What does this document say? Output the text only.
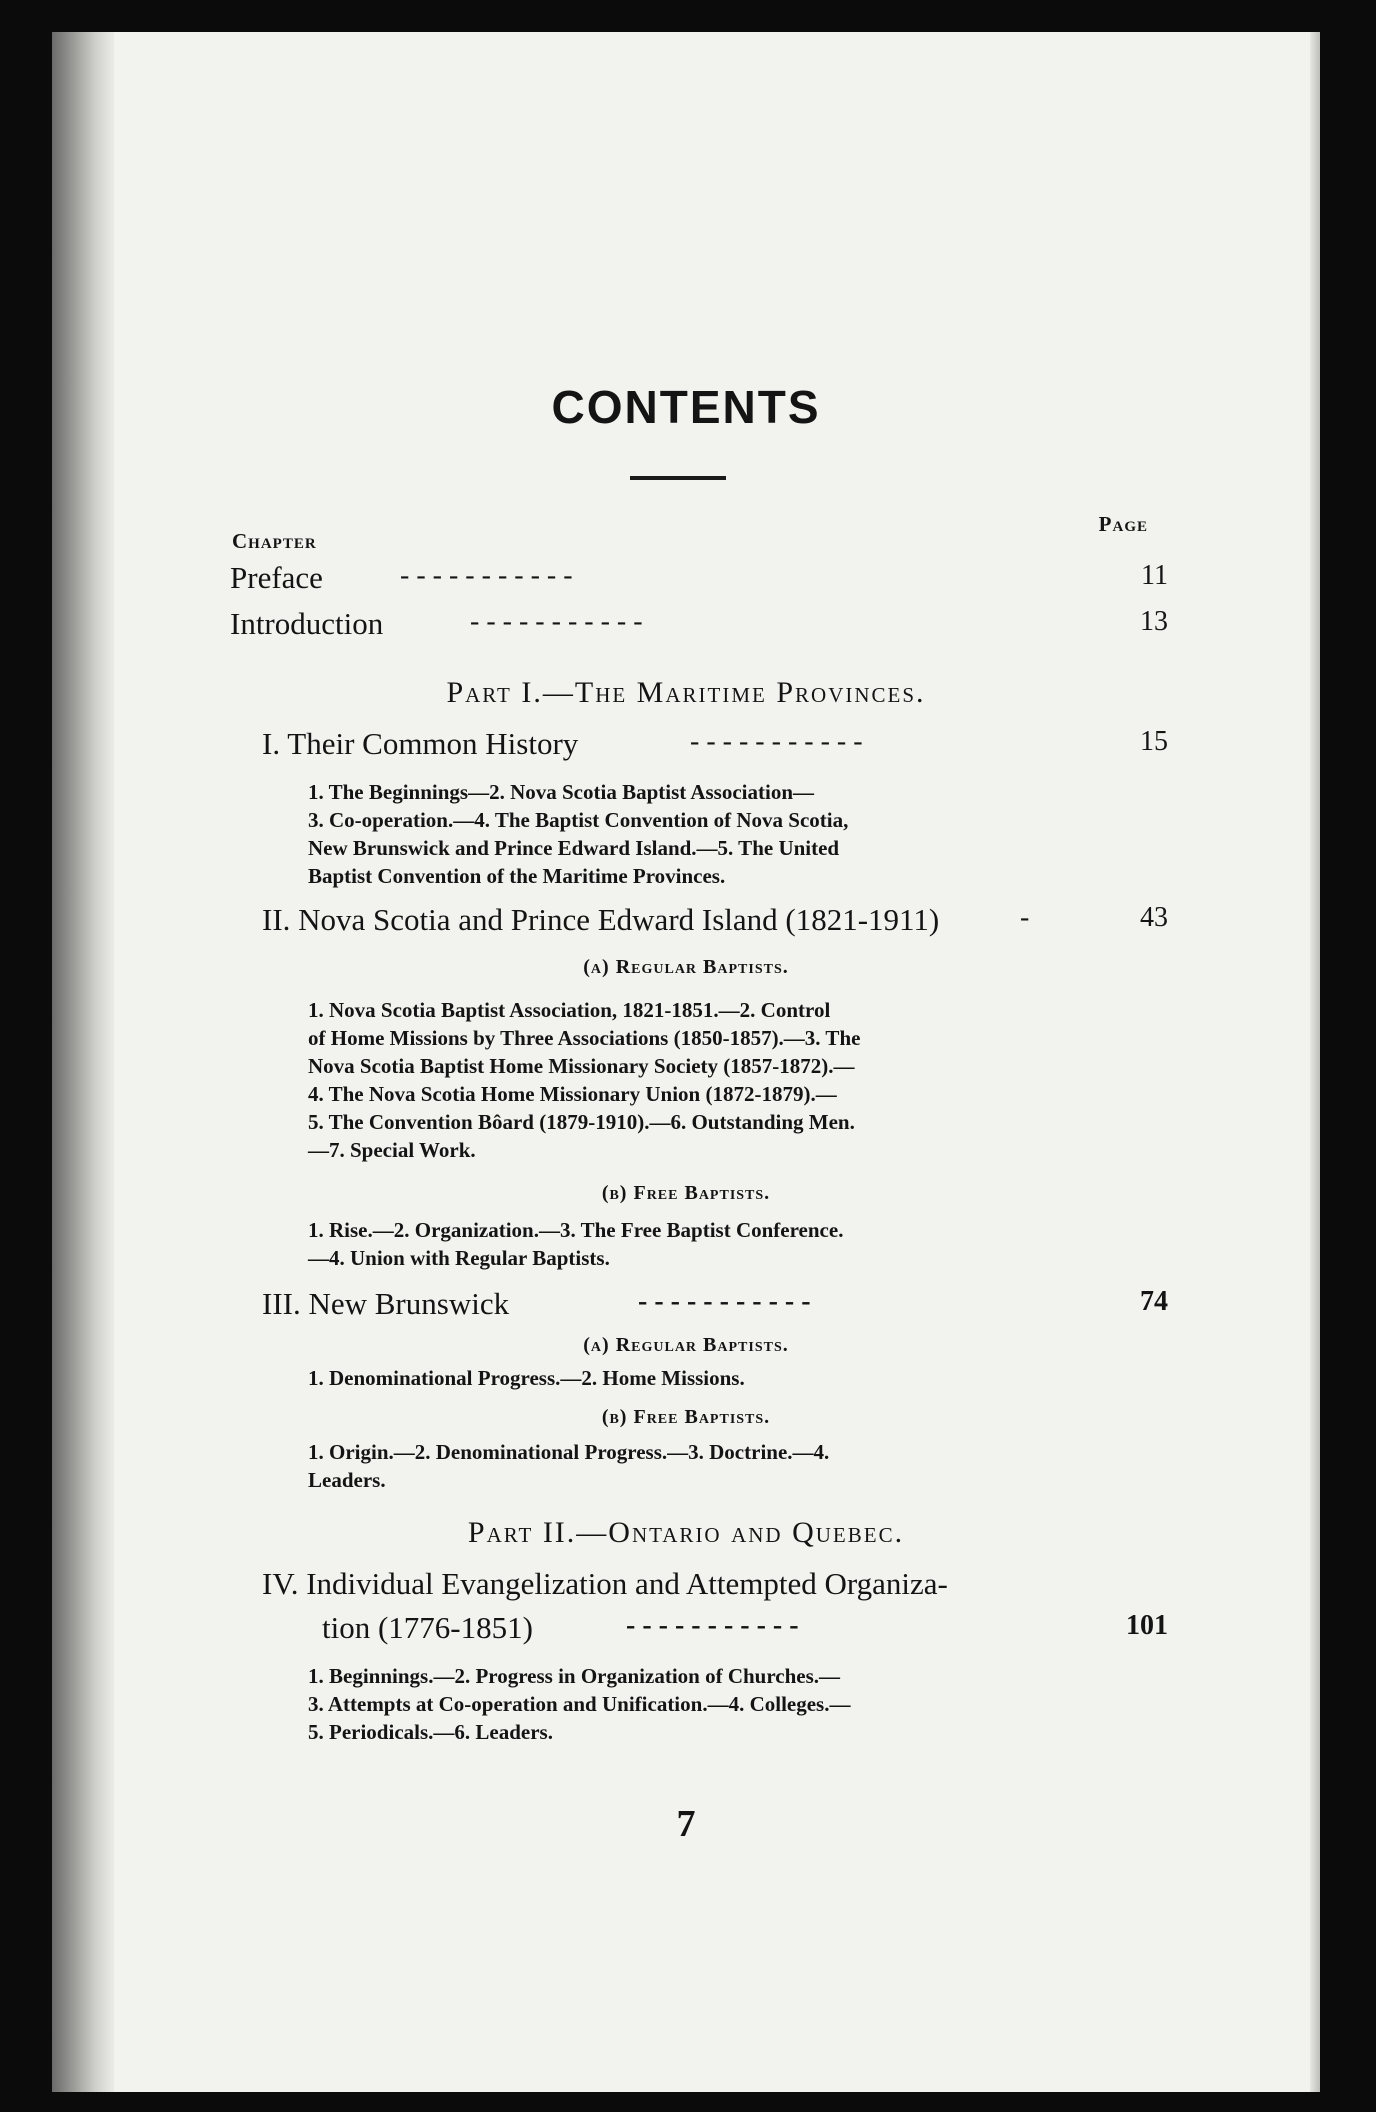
CONTENTS
Chapter
Page
Preface	- - - - - - - - - - -	11
Introduction	- - - - - - - - - - -	13
Part I.—The Maritime Provinces.
I. Their Common History	- - - - - - - - - - -	15
1. The Beginnings—2. Nova Scotia Baptist Association—
3. Co-operation.—4. The Baptist Convention of Nova Scotia,
New Brunswick and Prince Edward Island.—5. The United
Baptist Convention of the Maritime Provinces.
II. Nova Scotia and Prince Edward Island (1821-1911)	-	43
(a) Regular Baptists.
1. Nova Scotia Baptist Association, 1821-1851.—2. Control
of Home Missions by Three Associations (1850-1857).—3. The
Nova Scotia Baptist Home Missionary Society (1857-1872).—
4. The Nova Scotia Home Missionary Union (1872-1879).—
5. The Convention Bôard (1879-1910).—6. Outstanding Men.
—7. Special Work.
(b) Free Baptists.
1. Rise.—2. Organization.—3. The Free Baptist Conference.
—4. Union with Regular Baptists.
III. New Brunswick	- - - - - - - - - - -	74
(a) Regular Baptists.
1. Denominational Progress.—2. Home Missions.
(b) Free Baptists.
1. Origin.—2. Denominational Progress.—3. Doctrine.—4.
Leaders.
Part II.—Ontario and Quebec.
IV. Individual Evangelization and Attempted Organiza-
tion (1776-1851)	- - - - - - - - - - -	101
1. Beginnings.—2. Progress in Organization of Churches.—
3. Attempts at Co-operation and Unification.—4. Colleges.—
5. Periodicals.—6. Leaders.
7
